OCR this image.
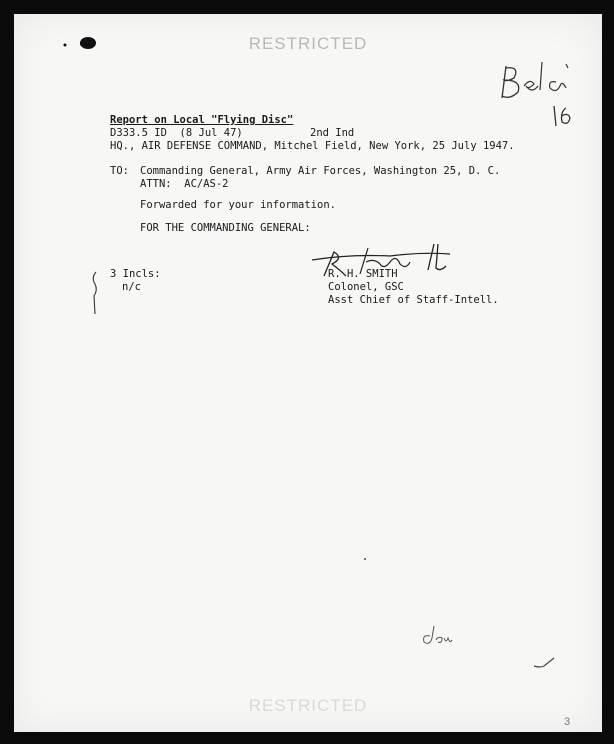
RESTRICTED
Report on Local "Flying Disc"
D333.5 ID  (8 Jul 47)	2nd Ind
HQ., AIR DEFENSE COMMAND, Mitchel Field, New York, 25 July 1947.
TO: Commanding General, Army Air Forces, Washington 25, D. C.
ATTN:  AC/AS-2
Forwarded for your information.
FOR THE COMMANDING GENERAL:
3 Incls:
n/c
R. H. SMITH
Colonel, GSC
Asst Chief of Staff-Intell.
RESTRICTED
3
